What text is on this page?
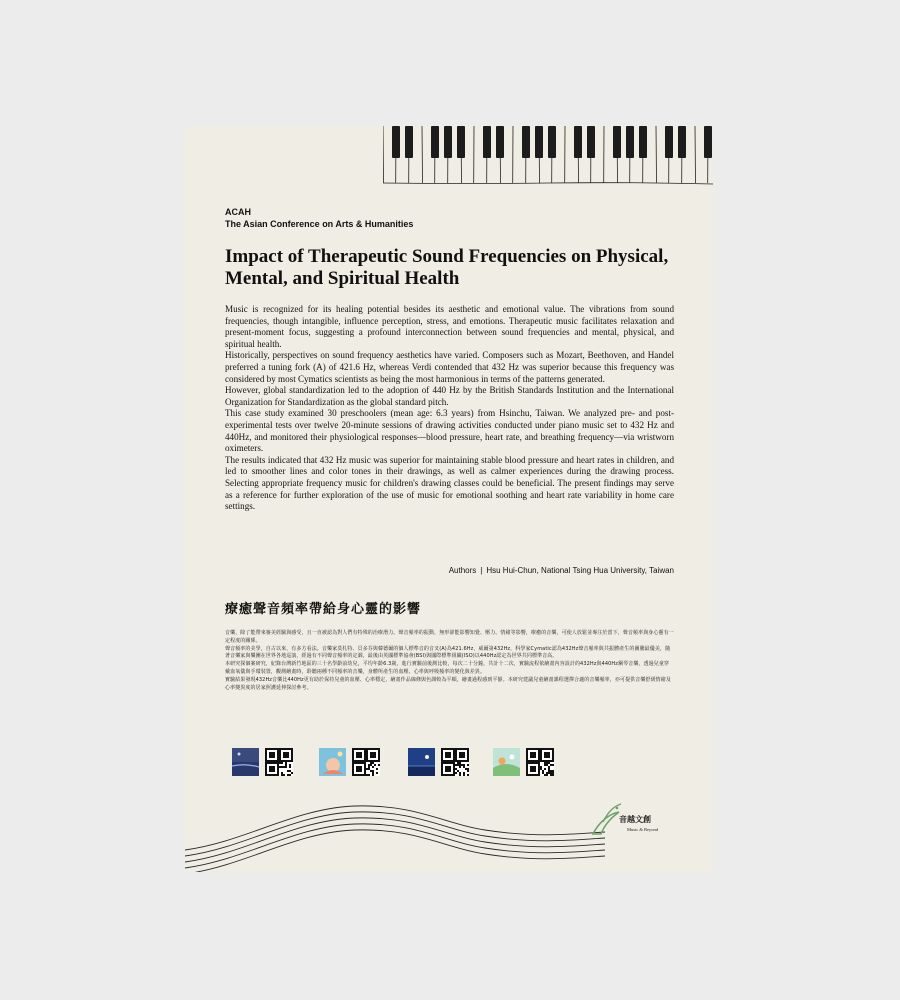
ACAH
The Asian Conference on Arts & Humanities
Impact of Therapeutic Sound Frequencies on Physical, Mental, and Spiritual Health

Music is recognized for its healing potential besides its aesthetic and emotional value. The vibrations from sound frequencies, though intangible, influence perception, stress, and emotions. Therapeutic music facilitates relaxation and present-moment focus, suggesting a profound interconnection between sound frequencies and mental, physical, and spiritual health.

Historically, perspectives on sound frequency aesthetics have varied. Composers such as Mozart, Beethoven, and Handel preferred a tuning fork (A) of 421.6 Hz, whereas Verdi contended that 432 Hz was superior because this frequency was considered by most Cymatics scientists as being the most harmonious in terms of the patterns generated.

However, global standardization led to the adoption of 440 Hz by the British Standards Institution and the International Organization for Standardization as the global standard pitch.

This case study examined 30 preschoolers (mean age: 6.3 years) from Hsinchu, Taiwan. We analyzed pre- and post-experimental tests over twelve 20-minute sessions of drawing activities conducted under piano music set to 432 Hz and 440Hz, and monitored their physiological responses—blood pressure, heart rate, and breathing frequency—via wristworn oximeters.

The results indicated that 432 Hz music was superior for maintaining stable blood pressure and heart rates in children, and led to smoother lines and color tones in their drawings, as well as calmer experiences during the drawing process. Selecting appropriate frequency music for children's drawing classes could be beneficial. The present findings may serve as a reference for further exploration of the use of music for emotional soothing and heart rate variability in home care settings.

Authors | Hsu Hui-Chun, National Tsing Hua University, Taiwan
療癒聲音頻率帶給身心靈的影響

音樂，除了能帶來審美經驗與感受，且一直被認為對人們有特殊的治療潛力。聲音頻率的振動，無形卻能影響知覺、壓力、情緒等影響，療癒的音樂，可使人放鬆並專注於當下，聲音頻率與身心靈有一定程度的關係。

聲音頻率的美學，自古以來，有多方看法。音樂家莫札特、貝多芬與韓德爾的個人標準音的音叉(A)為421.6Hz，威爾第432Hz，科學家Cymatic認為432Hz聲音頻率與共振體產生的圖騰最優美，隨著音樂家與樂團在世界各地巡演，經過有不同聲音頻率的定調，最後由英國標準協會(BSI)與國際標準組織(ISO)以440Hz認定為世界共同標準音高。

本研究探個案研究，紀錄台灣新竹地區的三十名學齡前幼兒，平均年齡6.3歲，進行實驗前後測比較，每次二十分鐘，共計十二次，實驗流程依繪畫內容設計的432Hz與440Hz鋼琴音樂，透過兒童穿戴血氧儀與手環裝置，觀測繪畫時，聆聽兩種不同頻率的音樂，身體所產生的血壓、心率與呼吸頻率的變化與差異。

實驗結果發現432Hz音樂比440Hz更有助於保持兒童的血壓、心率穩定，繪畫作品線條與色調較為平順，繪畫過程感到平靜。本研究建議兒童繪畫課程選擇合適的音樂頻率，亦可提供音樂舒緩情緒及心率變異度的居家照護延伸探討參考。

音越文創
Music & Beyond
